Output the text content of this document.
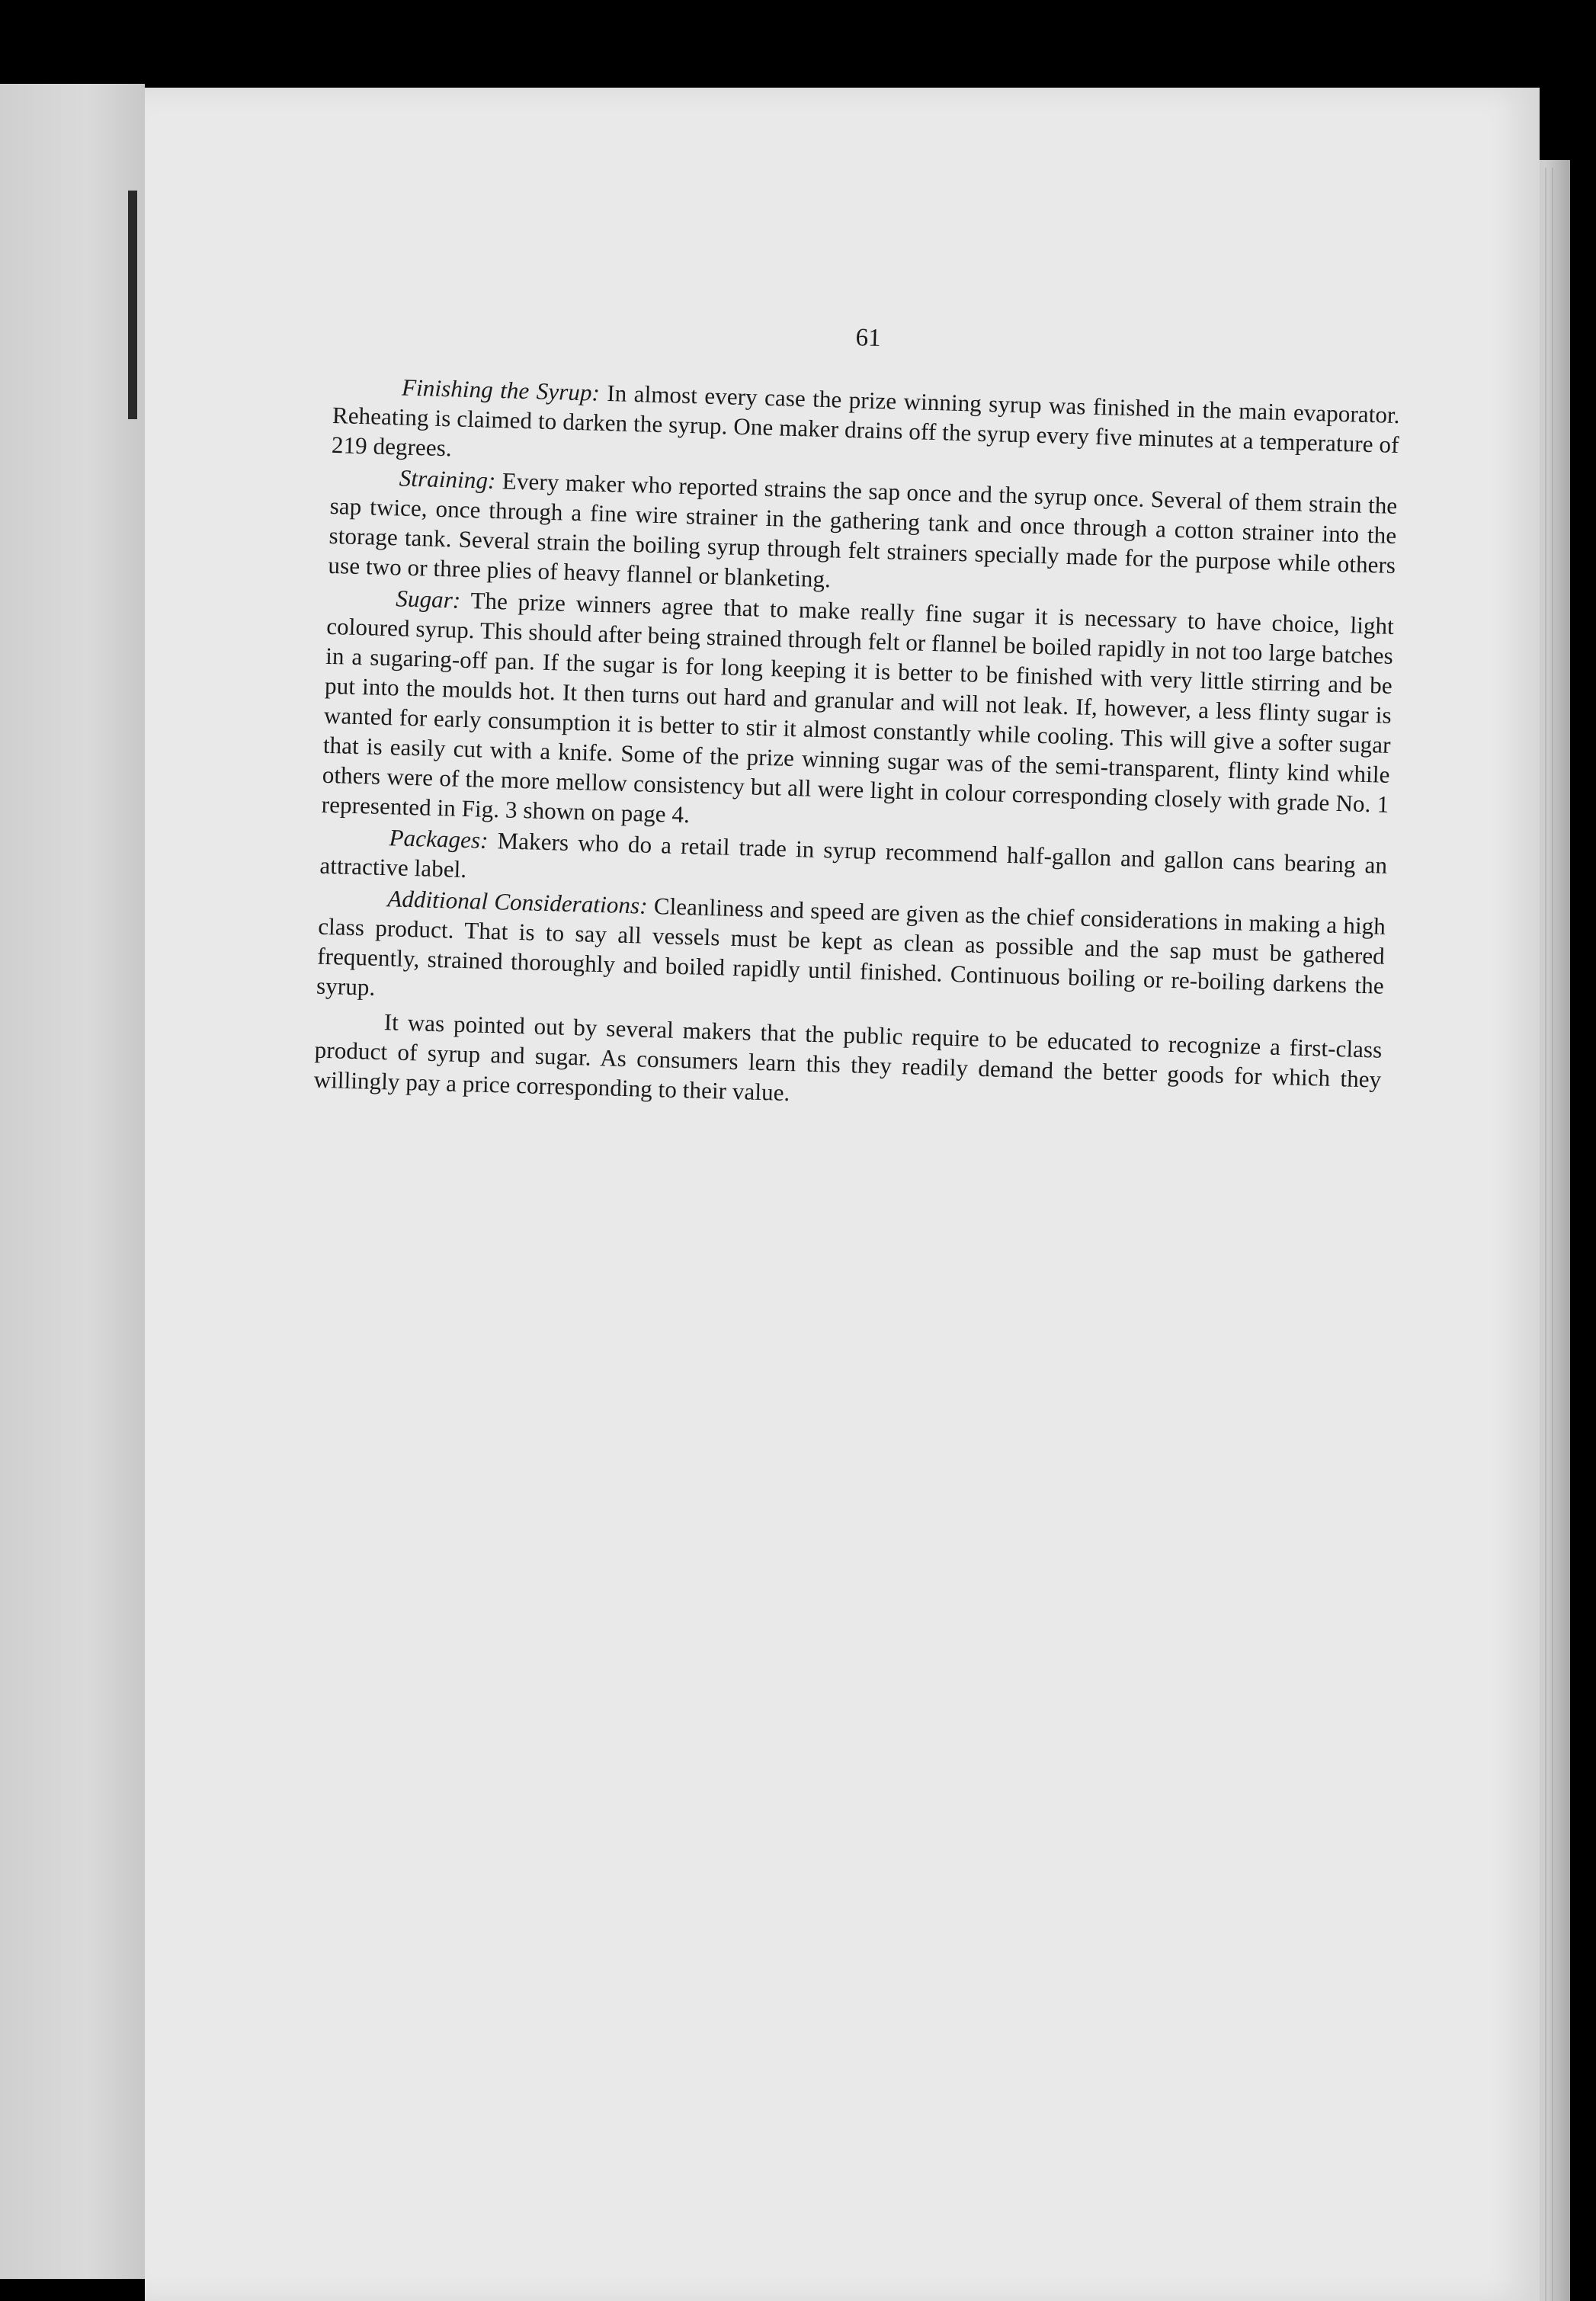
61

Finishing the Syrup: In almost every case the prize winning syrup was finished in the main evaporator. Reheating is claimed to darken the syrup. One maker drains off the syrup every five minutes at a temperature of 219 degrees.

Straining: Every maker who reported strains the sap once and the syrup once. Several of them strain the sap twice, once through a fine wire strainer in the gathering tank and once through a cotton strainer into the storage tank. Several strain the boiling syrup through felt strainers specially made for the purpose while others use two or three plies of heavy flannel or blanketing.

Sugar: The prize winners agree that to make really fine sugar it is necessary to have choice, light coloured syrup. This should after being strained through felt or flannel be boiled rapidly in not too large batches in a sugaring-off pan. If the sugar is for long keeping it is better to be finished with very little stirring and be put into the moulds hot. It then turns out hard and granular and will not leak. If, however, a less flinty sugar is wanted for early consumption it is better to stir it almost constantly while cooling. This will give a softer sugar that is easily cut with a knife. Some of the prize winning sugar was of the semi-transparent, flinty kind while others were of the more mellow consistency but all were light in colour corresponding closely with grade No. 1 represented in Fig. 3 shown on page 4.

Packages: Makers who do a retail trade in syrup recommend half-gallon and gallon cans bearing an attractive label.

Additional Considerations: Cleanliness and speed are given as the chief considerations in making a high class product. That is to say all vessels must be kept as clean as possible and the sap must be gathered frequently, strained thoroughly and boiled rapidly until finished. Continuous boiling or re-boiling darkens the syrup.

It was pointed out by several makers that the public require to be educated to recognize a first-class product of syrup and sugar. As consumers learn this they readily demand the better goods for which they willingly pay a price corresponding to their value.
